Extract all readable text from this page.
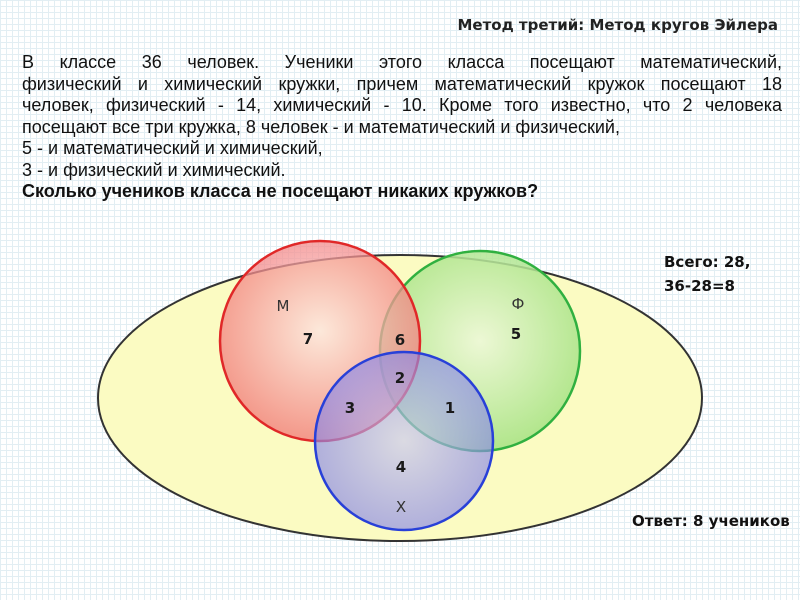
Метод третий: Метод кругов Эйлера

В классе 36 человек. Ученики этого класса посещают математический,

физический и химический кружки, причем математический кружок посещают 18

человек, физический - 14, химический - 10. Кроме того известно, что 2 человека

посещают все три кружка, 8 человек - и математический и физический,

5 - и математический и химический,

3 - и физический и химический.

Сколько учеников класса не посещают никаких кружков?

М	Ф
Х
7	6
2
5
3	1
4
Всего: 28,
36-28=8
Ответ: 8 учеников
